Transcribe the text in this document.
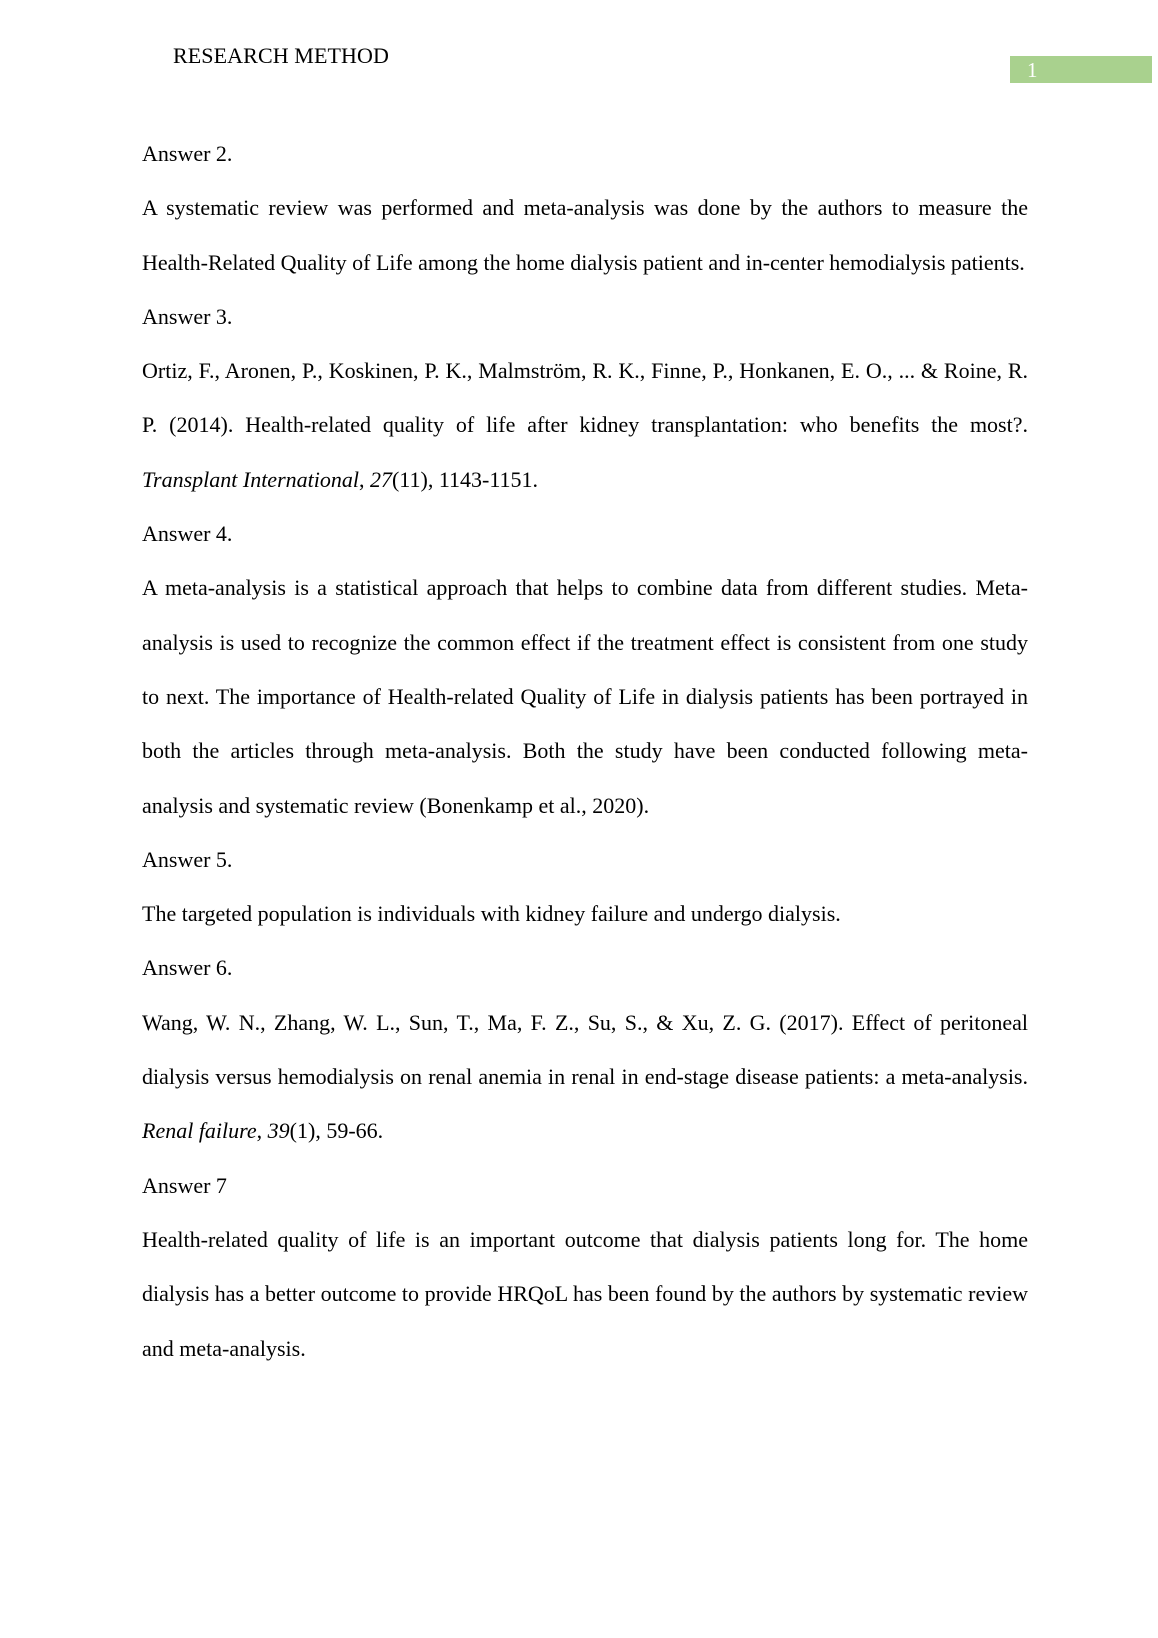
RESEARCH METHOD
1

Answer 2.

A systematic review was performed and meta-analysis was done by the authors to measure the Health-Related Quality of Life among the home dialysis patient and in-center hemodialysis patients.

Answer 3.

Ortiz, F., Aronen, P., Koskinen, P. K., Malmström, R. K., Finne, P., Honkanen, E. O., ... & Roine, R. P. (2014). Health-related quality of life after kidney transplantation: who benefits the most?. Transplant International, 27(11), 1143-1151.

Answer 4.

A meta-analysis is a statistical approach that helps to combine data from different studies. Meta-analysis is used to recognize the common effect if the treatment effect is consistent from one study to next. The importance of Health-related Quality of Life in dialysis patients has been portrayed in both the articles through meta-analysis. Both the study have been conducted following meta-analysis and systematic review (Bonenkamp et al., 2020).

Answer 5.

The targeted population is individuals with kidney failure and undergo dialysis.

Answer 6.

Wang, W. N., Zhang, W. L., Sun, T., Ma, F. Z., Su, S., & Xu, Z. G. (2017). Effect of peritoneal dialysis versus hemodialysis on renal anemia in renal in end-stage disease patients: a meta-analysis. Renal failure, 39(1), 59-66.

Answer 7

Health-related quality of life is an important outcome that dialysis patients long for. The home dialysis has a better outcome to provide HRQoL has been found by the authors by systematic review and meta-analysis.
